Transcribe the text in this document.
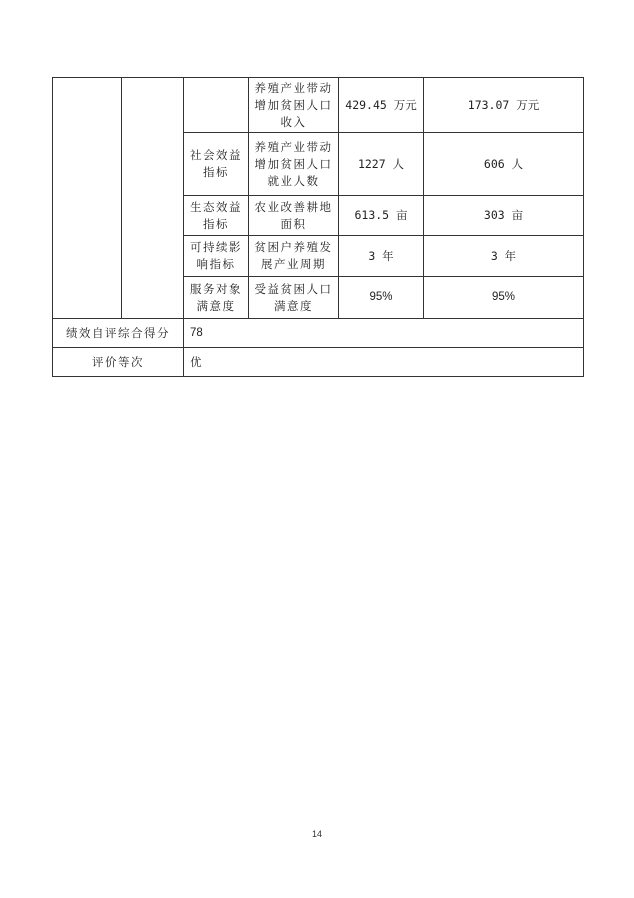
			养殖产业带动增加贫困人口收入	429.45 万元	173.07 万元
		社会效益指标	养殖产业带动增加贫困人口就业人数	1227 人	606 人
		生态效益指标	农业改善耕地面积	613.5 亩	303 亩
		可持续影响指标	贫困户养殖发展产业周期	3 年	3 年
		服务对象满意度	受益贫困人口满意度	95%	95%
绩效自评综合得分		78			
评价等次		优			
14
